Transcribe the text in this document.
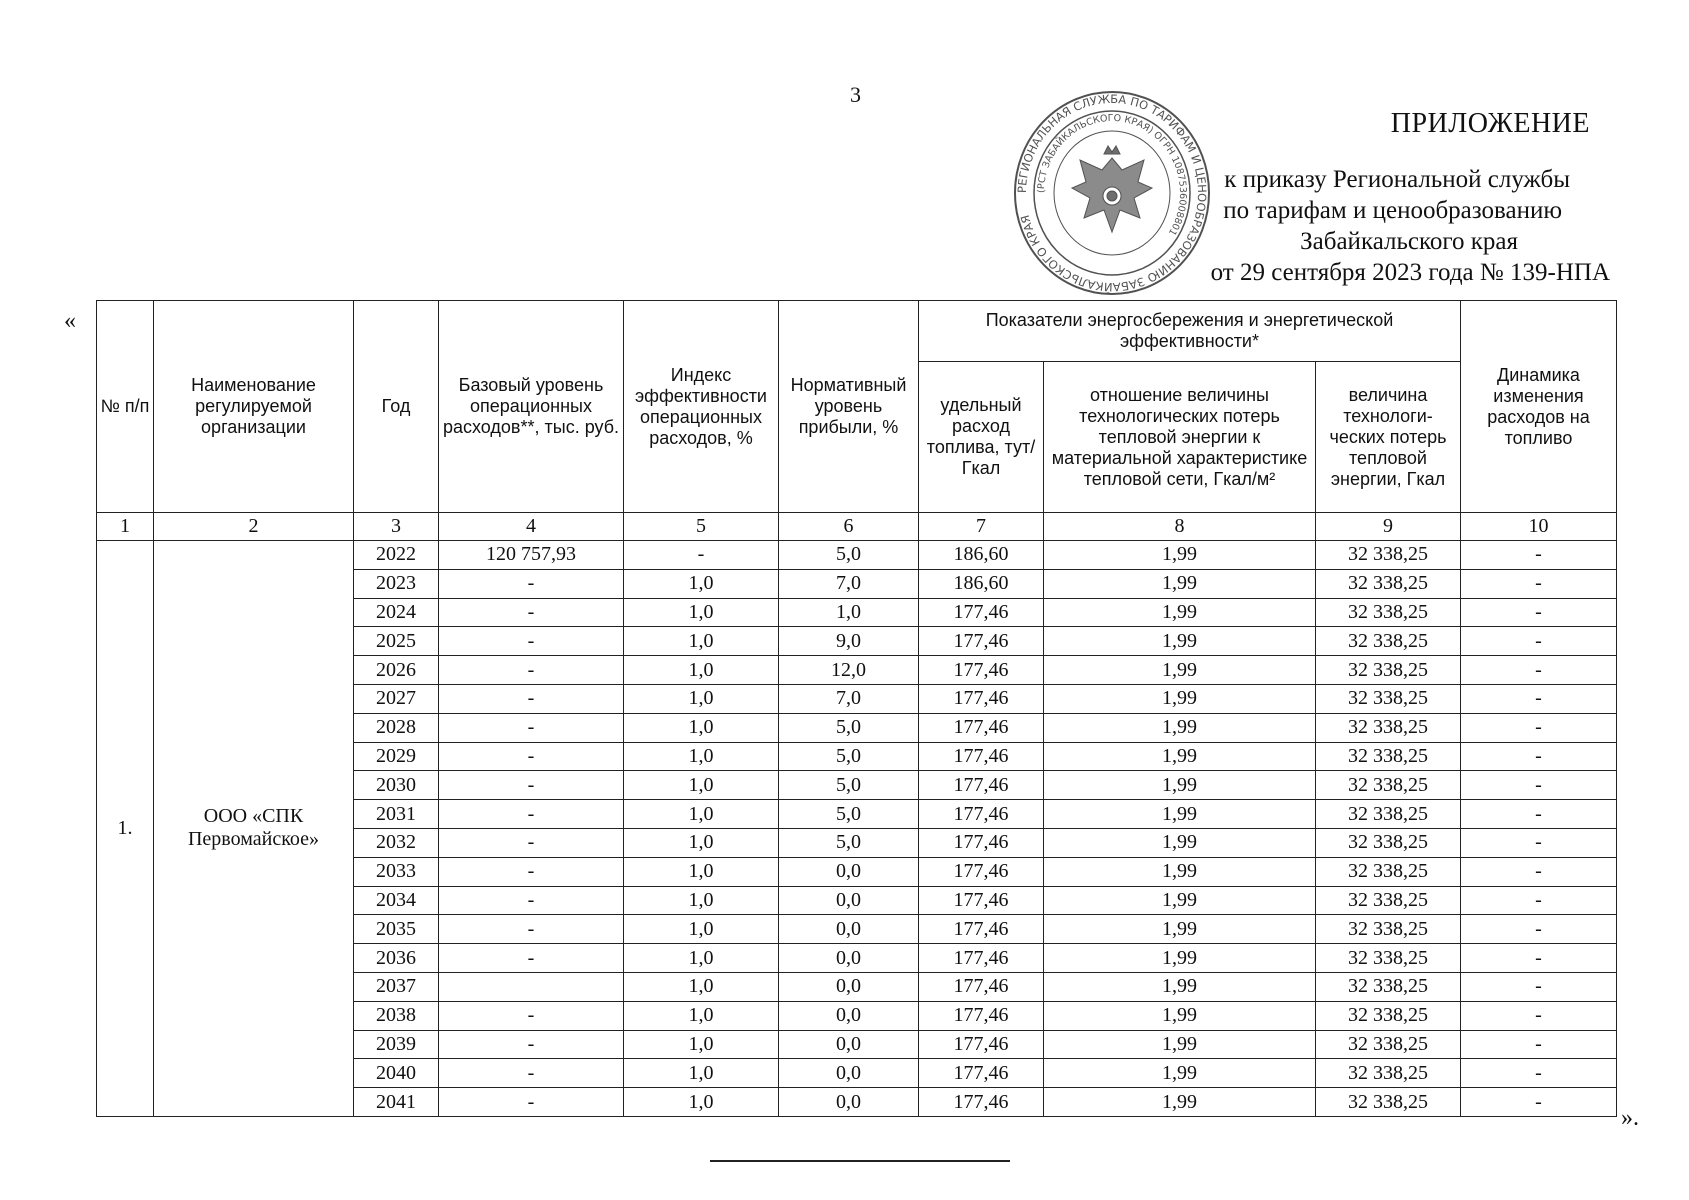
3
РЕГИОНАЛЬНАЯ СЛУЖБА ПО ТАРИФАМ И ЦЕНООБРАЗОВАНИЮ ЗАБАЙКАЛЬСКОГО КРАЯ
(РСТ ЗАБАЙКАЛЬСКОГО КРАЯ) ОГРН 1087536008801
ПРИЛОЖЕНИЕ
к приказу Региональной службы
по тарифам и ценообразованию
Забайкальского края
от 29 сентября 2023 года № 139-НПА
«
№ п/п	Наименование регулируемой организации	Год	Базовый уровень операционных расходов**, тыс. руб.	Индекс эффективности операционных расходов, %	Нормативный уровень прибыли, %	Показатели энергосбережения и энергетической эффективности*			Динамика изменения расходов на топливо
						удельный расход топлива, тут/Гкал	отношение величины технологических потерь тепловой энергии к материальной характеристике тепловой сети, Гкал/м²	величина технологи-ческих потерь тепловой энергии, Гкал	
1	2	3	4	5	6	7	8	9	10
1.	ООО «СПК Первомайское»	2022	120 757,93	-	5,0	186,60	1,99	32 338,25	-
		2023	-	1,0	7,0	186,60	1,99	32 338,25	-
		2024	-	1,0	1,0	177,46	1,99	32 338,25	-
		2025	-	1,0	9,0	177,46	1,99	32 338,25	-
		2026	-	1,0	12,0	177,46	1,99	32 338,25	-
		2027	-	1,0	7,0	177,46	1,99	32 338,25	-
		2028	-	1,0	5,0	177,46	1,99	32 338,25	-
		2029	-	1,0	5,0	177,46	1,99	32 338,25	-
		2030	-	1,0	5,0	177,46	1,99	32 338,25	-
		2031	-	1,0	5,0	177,46	1,99	32 338,25	-
		2032	-	1,0	5,0	177,46	1,99	32 338,25	-
		2033	-	1,0	0,0	177,46	1,99	32 338,25	-
		2034	-	1,0	0,0	177,46	1,99	32 338,25	-
		2035	-	1,0	0,0	177,46	1,99	32 338,25	-
		2036	-	1,0	0,0	177,46	1,99	32 338,25	-
		2037		1,0	0,0	177,46	1,99	32 338,25	-
		2038	-	1,0	0,0	177,46	1,99	32 338,25	-
		2039	-	1,0	0,0	177,46	1,99	32 338,25	-
		2040	-	1,0	0,0	177,46	1,99	32 338,25	-
		2041	-	1,0	0,0	177,46	1,99	32 338,25	-
».
